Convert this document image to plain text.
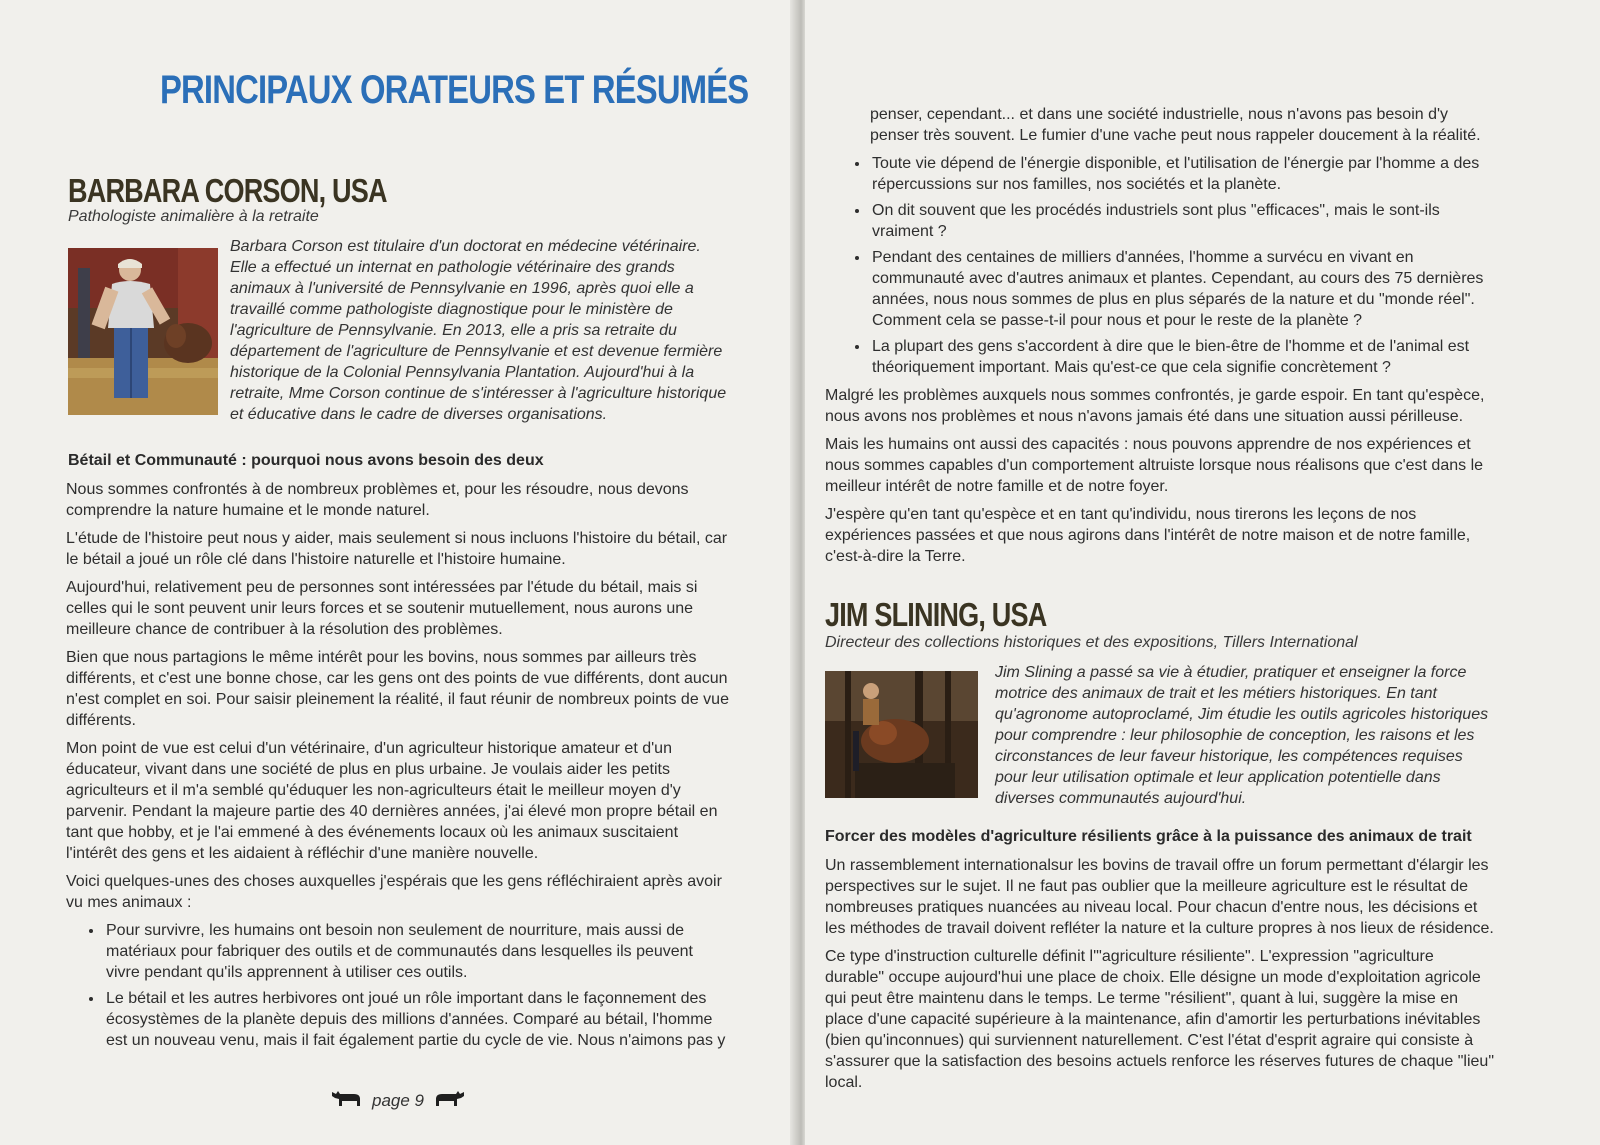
PRINCIPAUX ORATEURS ET RÉSUMÉS
BARBARA CORSON, USA
Pathologiste animalière à la retraite
Barbara Corson est titulaire d'un doctorat en médecine vétérinaire. Elle a effectué un internat en pathologie vétérinaire des grands animaux à l'université de Pennsylvanie en 1996, après quoi elle a travaillé comme pathologiste diagnostique pour le ministère de l'agriculture de Pennsylvanie. En 2013, elle a pris sa retraite du département de l'agriculture de Pennsylvanie et est devenue fermière historique de la Colonial Pennsylvania Plantation. Aujourd'hui à la retraite, Mme Corson continue de s'intéresser à l'agriculture historique et éducative dans le cadre de diverses organisations.
Bétail et Communauté : pourquoi nous avons besoin des deux

Nous sommes confrontés à de nombreux problèmes et, pour les résoudre, nous devons comprendre la nature humaine et le monde naturel.

L'étude de l'histoire peut nous y aider, mais seulement si nous incluons l'histoire du bétail, car le bétail a joué un rôle clé dans l'histoire naturelle et l'histoire humaine.

Aujourd'hui, relativement peu de personnes sont intéressées par l'étude du bétail, mais si celles qui le sont peuvent unir leurs forces et se soutenir mutuellement, nous aurons une meilleure chance de contribuer à la résolution des problèmes.

Bien que nous partagions le même intérêt pour les bovins, nous sommes par ailleurs très différents, et c'est une bonne chose, car les gens ont des points de vue différents, dont aucun n'est complet en soi. Pour saisir pleinement la réalité, il faut réunir de nombreux points de vue différents.

Mon point de vue est celui d'un vétérinaire, d'un agriculteur historique amateur et d'un éducateur, vivant dans une société de plus en plus urbaine. Je voulais aider les petits agriculteurs et il m'a semblé qu'éduquer les non-agriculteurs était le meilleur moyen d'y parvenir. Pendant la majeure partie des 40 dernières années, j'ai élevé mon propre bétail en tant que hobby, et je l'ai emmené à des événements locaux où les animaux suscitaient l'intérêt des gens et les aidaient à réfléchir d'une manière nouvelle.

Voici quelques-unes des choses auxquelles j'espérais que les gens réfléchiraient après avoir vu mes animaux :

• Pour survivre, les humains ont besoin non seulement de nourriture, mais aussi de matériaux pour fabriquer des outils et de communautés dans lesquelles ils peuvent vivre pendant qu'ils apprennent à utiliser ces outils.
• Le bétail et les autres herbivores ont joué un rôle important dans le façonnement des écosystèmes de la planète depuis des millions d'années. Comparé au bétail, l'homme est un nouveau venu, mais il fait également partie du cycle de vie. Nous n'aimons pas y
page 9

penser, cependant... et dans une société industrielle, nous n'avons pas besoin d'y penser très souvent. Le fumier d'une vache peut nous rappeler doucement à la réalité.

• Toute vie dépend de l'énergie disponible, et l'utilisation de l'énergie par l'homme a des répercussions sur nos familles, nos sociétés et la planète.
• On dit souvent que les procédés industriels sont plus "efficaces", mais le sont-ils vraiment ?
• Pendant des centaines de milliers d'années, l'homme a survécu en vivant en communauté avec d'autres animaux et plantes. Cependant, au cours des 75 dernières années, nous nous sommes de plus en plus séparés de la nature et du "monde réel". Comment cela se passe-t-il pour nous et pour le reste de la planète ?
• La plupart des gens s'accordent à dire que le bien-être de l'homme et de l'animal est théoriquement important. Mais qu'est-ce que cela signifie concrètement ?

Malgré les problèmes auxquels nous sommes confrontés, je garde espoir. En tant qu'espèce, nous avons nos problèmes et nous n'avons jamais été dans une situation aussi périlleuse.

Mais les humains ont aussi des capacités : nous pouvons apprendre de nos expériences et nous sommes capables d'un comportement altruiste lorsque nous réalisons que c'est dans le meilleur intérêt de notre famille et de notre foyer.

J'espère qu'en tant qu'espèce et en tant qu'individu, nous tirerons les leçons de nos expériences passées et que nous agirons dans l'intérêt de notre maison et de notre famille, c'est-à-dire la Terre.

JIM SLINING, USA
Directeur des collections historiques et des expositions, Tillers International
Jim Slining a passé sa vie à étudier, pratiquer et enseigner la force motrice des animaux de trait et les métiers historiques. En tant qu'agronome autoproclamé, Jim étudie les outils agricoles historiques pour comprendre : leur philosophie de conception, les raisons et les circonstances de leur faveur historique, les compétences requises pour leur utilisation optimale et leur application potentielle dans diverses communautés aujourd'hui.
Forcer des modèles d'agriculture résilients grâce à la puissance des animaux de trait

Un rassemblement internationalsur les bovins de travail offre un forum permettant d'élargir les perspectives sur le sujet. Il ne faut pas oublier que la meilleure agriculture est le résultat de nombreuses pratiques nuancées au niveau local. Pour chacun d'entre nous, les décisions et les méthodes de travail doivent refléter la nature et la culture propres à nos lieux de résidence.

Ce type d'instruction culturelle définit l'"agriculture résiliente". L'expression "agriculture durable" occupe aujourd'hui une place de choix. Elle désigne un mode d'exploitation agricole qui peut être maintenu dans le temps. Le terme "résilient", quant à lui, suggère la mise en place d'une capacité supérieure à la maintenance, afin d'amortir les perturbations inévitables (bien qu'inconnues) qui surviennent naturellement. C'est l'état d'esprit agraire qui consiste à s'assurer que la satisfaction des besoins actuels renforce les réserves futures de chaque "lieu" local.
